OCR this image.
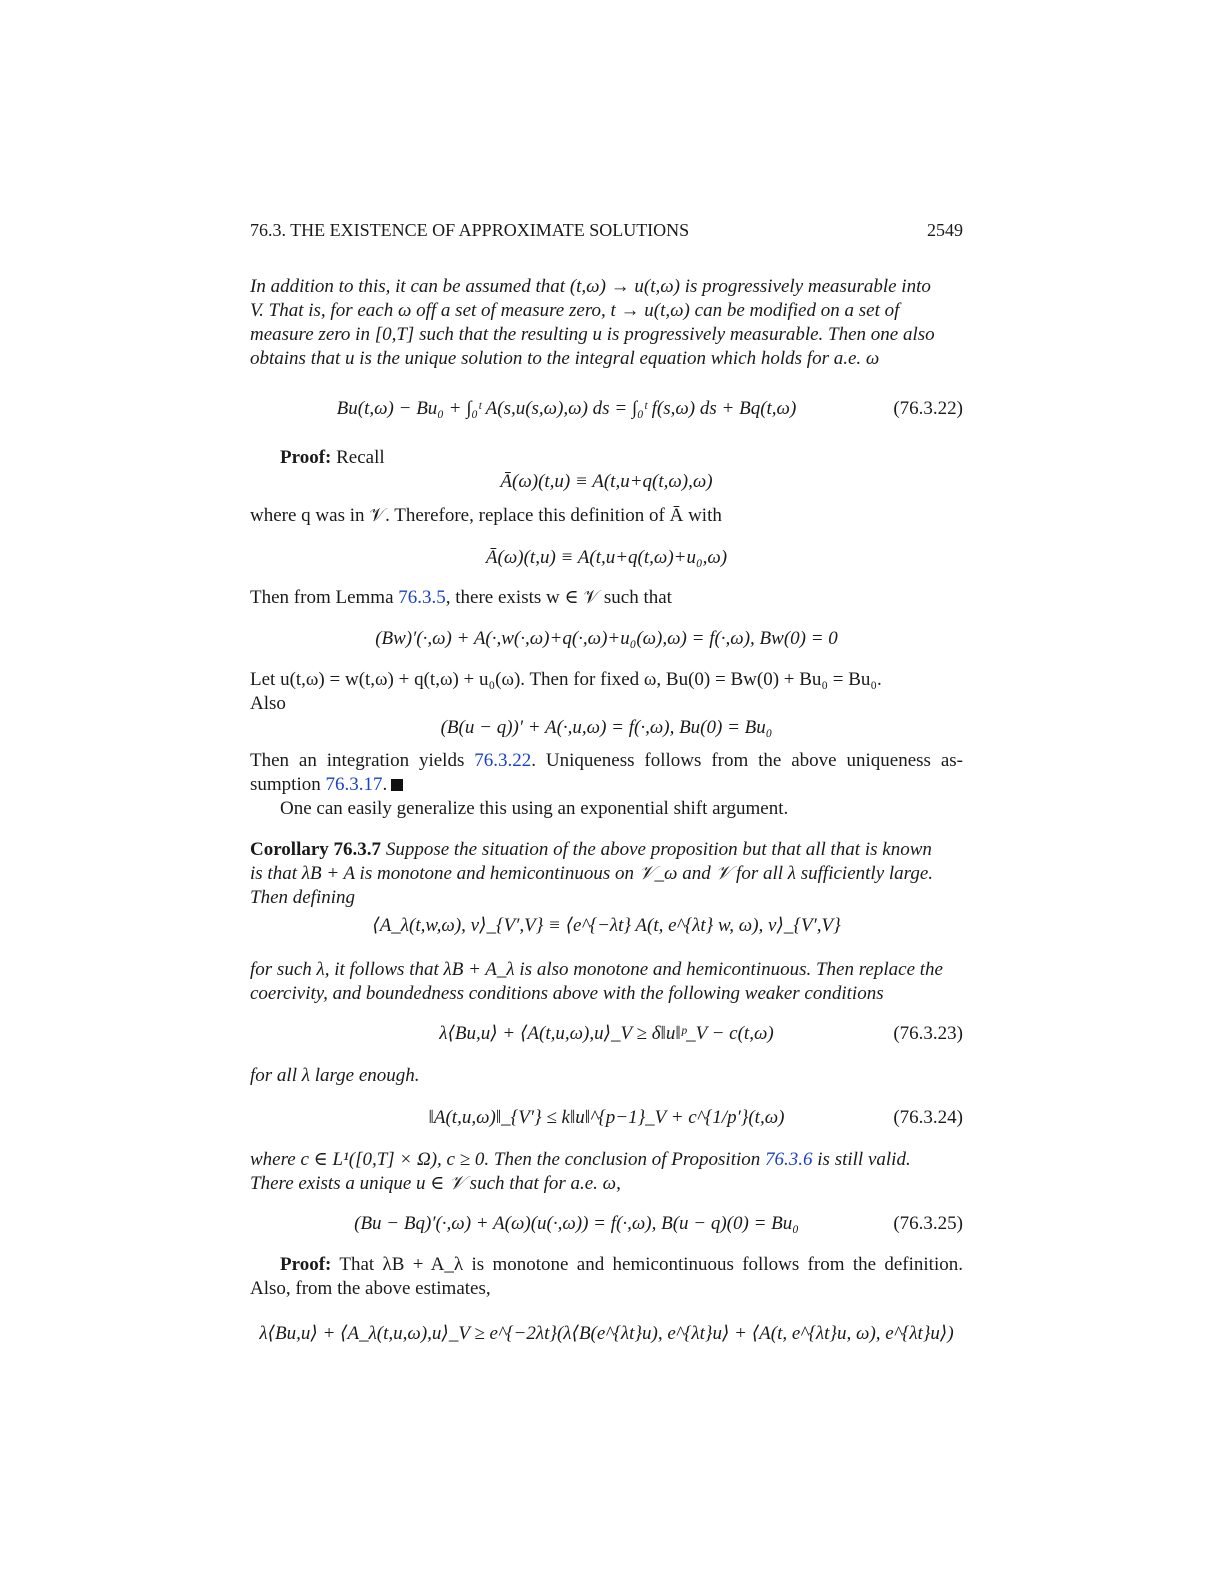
76.3. THE EXISTENCE OF APPROXIMATE SOLUTIONS	2549
In addition to this, it can be assumed that (t,ω) → u(t,ω) is progressively measurable into
V. That is, for each ω off a set of measure zero, t → u(t,ω) can be modified on a set of
measure zero in [0,T] such that the resulting u is progressively measurable. Then one also
obtains that u is the unique solution to the integral equation which holds for a.e. ω
Bu(t,ω) − Bu₀ + ∫₀ᵗ A(s,u(s,ω),ω) ds = ∫₀ᵗ f(s,ω) ds + Bq(t,ω)	(76.3.22)
Proof: Recall
Ā(ω)(t,u) ≡ A(t,u+q(t,ω),ω)
where q was in 𝒱. Therefore, replace this definition of Ā with
Ā(ω)(t,u) ≡ A(t,u+q(t,ω)+u₀,ω)
Then from Lemma 76.3.5, there exists w ∈ 𝒱 such that
(Bw)′(·,ω) + A(·,w(·,ω)+q(·,ω)+u₀(ω),ω) = f(·,ω), Bw(0) = 0
Let u(t,ω) = w(t,ω) + q(t,ω) + u₀(ω). Then for fixed ω, Bu(0) = Bw(0) + Bu₀ = Bu₀.
Also
(B(u − q))′ + A(·,u,ω) = f(·,ω), Bu(0) = Bu₀
Then an integration yields 76.3.22. Uniqueness follows from the above uniqueness as-
sumption 76.3.17.
One can easily generalize this using an exponential shift argument.
Corollary 76.3.7 Suppose the situation of the above proposition but that all that is known
is that λB + A is monotone and hemicontinuous on 𝒱_ω and 𝒱 for all λ sufficiently large.
Then defining
⟨A_λ(t,w,ω), v⟩_{V′,V} ≡ ⟨e^{−λt} A(t, e^{λt} w, ω), v⟩_{V′,V}
for such λ, it follows that λB + A_λ is also monotone and hemicontinuous. Then replace the
coercivity, and boundedness conditions above with the following weaker conditions
λ⟨Bu,u⟩ + ⟨A(t,u,ω),u⟩_V ≥ δ‖u‖ᵖ_V − c(t,ω)	(76.3.23)
for all λ large enough.
‖A(t,u,ω)‖_{V′} ≤ k‖u‖^{p−1}_V + c^{1/p′}(t,ω)	(76.3.24)
where c ∈ L¹([0,T] × Ω), c ≥ 0. Then the conclusion of Proposition 76.3.6 is still valid.
There exists a unique u ∈ 𝒱 such that for a.e. ω,
(Bu − Bq)′(·,ω) + A(ω)(u(·,ω)) = f(·,ω), B(u − q)(0) = Bu₀	(76.3.25)
Proof: That λB + A_λ is monotone and hemicontinuous follows from the definition.
Also, from the above estimates,
λ⟨Bu,u⟩ + ⟨A_λ(t,u,ω),u⟩_V ≥ e^{−2λt}(λ⟨B(e^{λt}u), e^{λt}u⟩ + ⟨A(t, e^{λt}u, ω), e^{λt}u⟩)
